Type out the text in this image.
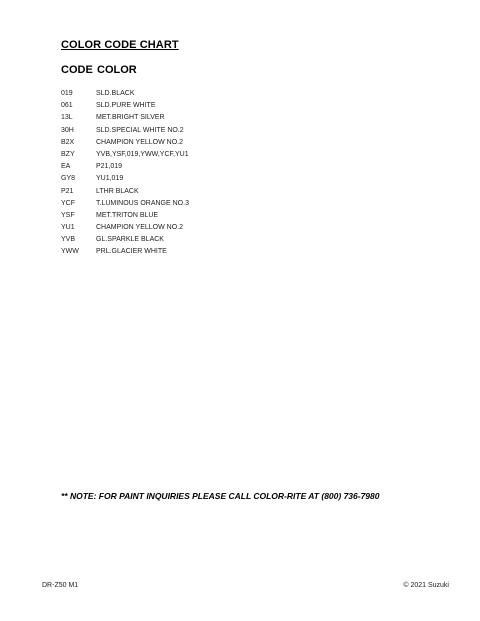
COLOR CODE CHART
CODE COLOR
019	SLD.BLACK
061	SLD.PURE WHITE
13L	MET.BRIGHT SILVER
30H	SLD.SPECIAL WHITE NO.2
B2X	CHAMPION YELLOW NO.2
BZY	YVB,YSF,019,YWW,YCF,YU1
EA	P21,019
GY8	YU1,019
P21	LTHR BLACK
YCF	T.LUMINOUS ORANGE NO.3
YSF	MET.TRITON BLUE
YU1	CHAMPION YELLOW NO.2
YVB	GL.SPARKLE BLACK
YWW PRL.GLACIER WHITE
** NOTE: FOR PAINT INQUIRIES PLEASE CALL COLOR-RITE AT (800) 736-7980
DR-Z50 M1	© 2021 Suzuki
